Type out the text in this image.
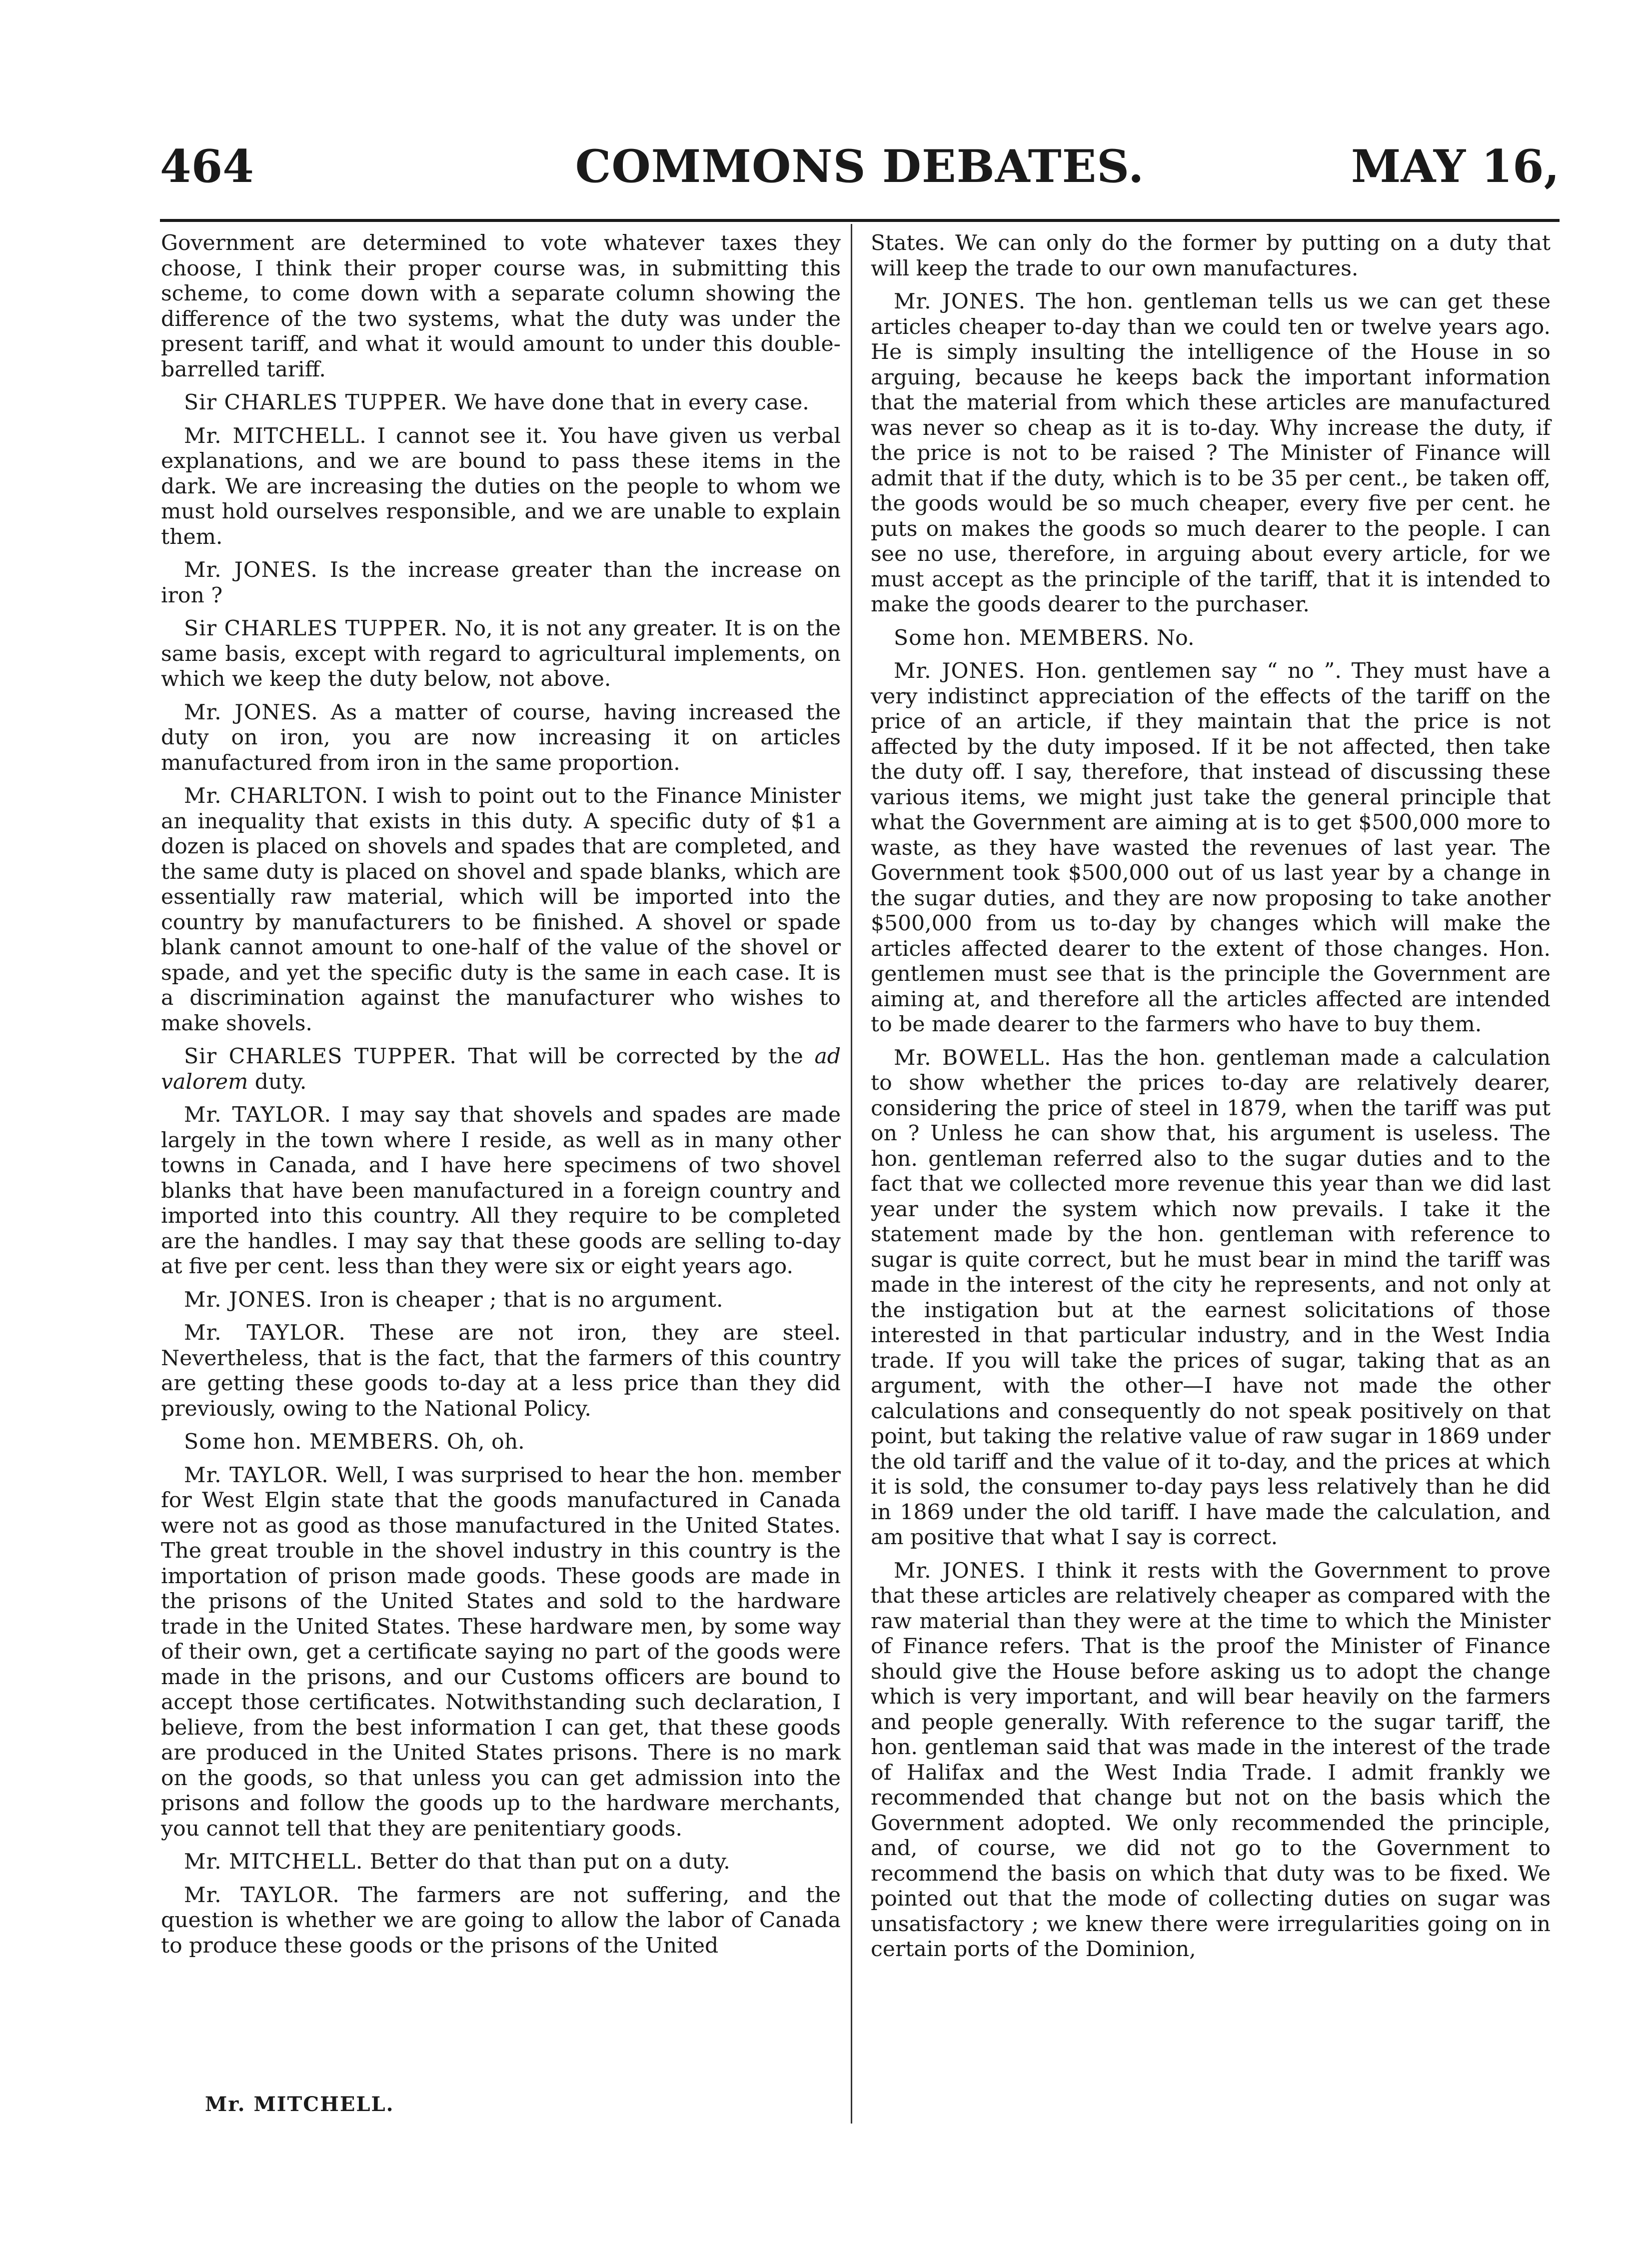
464	COMMONS DEBATES.	MAY 16,

Government are determined to vote whatever taxes they choose, I think their proper course was, in submitting this scheme, to come down with a separate column showing the difference of the two systems, what the duty was under the present tariff, and what it would amount to under this double-barrelled tariff.

Sir CHARLES TUPPER. We have done that in every case.

Mr. MITCHELL. I cannot see it. You have given us verbal explanations, and we are bound to pass these items in the dark. We are increasing the duties on the people to whom we must hold ourselves responsible, and we are unable to explain them.

Mr. JONES. Is the increase greater than the increase on iron ?

Sir CHARLES TUPPER. No, it is not any greater. It is on the same basis, except with regard to agricultural implements, on which we keep the duty below, not above.

Mr. JONES. As a matter of course, having increased the duty on iron, you are now increasing it on articles manufactured from iron in the same proportion.

Mr. CHARLTON. I wish to point out to the Finance Minister an inequality that exists in this duty. A specific duty of $1 a dozen is placed on shovels and spades that are completed, and the same duty is placed on shovel and spade blanks, which are essentially raw material, which will be imported into the country by manufacturers to be finished. A shovel or spade blank cannot amount to one-half of the value of the shovel or spade, and yet the specific duty is the same in each case. It is a discrimination against the manufacturer who wishes to make shovels.

Sir CHARLES TUPPER. That will be corrected by the ad valorem duty.

Mr. TAYLOR. I may say that shovels and spades are made largely in the town where I reside, as well as in many other towns in Canada, and I have here specimens of two shovel blanks that have been manufactured in a foreign country and imported into this country. All they require to be completed are the handles. I may say that these goods are selling to-day at five per cent. less than they were six or eight years ago.

Mr. JONES. Iron is cheaper ; that is no argument.

Mr. TAYLOR. These are not iron, they are steel. Nevertheless, that is the fact, that the farmers of this country are getting these goods to-day at a less price than they did previously, owing to the National Policy.

Some hon. MEMBERS. Oh, oh.

Mr. TAYLOR. Well, I was surprised to hear the hon. member for West Elgin state that the goods manufactured in Canada were not as good as those manufactured in the United States. The great trouble in the shovel industry in this country is the importation of prison made goods. These goods are made in the prisons of the United States and sold to the hardware trade in the United States. These hardware men, by some way of their own, get a certificate saying no part of the goods were made in the prisons, and our Customs officers are bound to accept those certificates. Notwithstanding such declaration, I believe, from the best information I can get, that these goods are produced in the United States prisons. There is no mark on the goods, so that unless you can get admission into the prisons and follow the goods up to the hardware merchants, you cannot tell that they are penitentiary goods.

Mr. MITCHELL. Better do that than put on a duty.

Mr. TAYLOR. The farmers are not suffering, and the question is whether we are going to allow the labor of Canada to produce these goods or the prisons of the United

States. We can only do the former by putting on a duty that will keep the trade to our own manufactures.

Mr. JONES. The hon. gentleman tells us we can get these articles cheaper to-day than we could ten or twelve years ago. He is simply insulting the intelligence of the House in so arguing, because he keeps back the important information that the material from which these articles are manufactured was never so cheap as it is to-day. Why increase the duty, if the price is not to be raised ? The Minister of Finance will admit that if the duty, which is to be 35 per cent., be taken off, the goods would be so much cheaper, every five per cent. he puts on makes the goods so much dearer to the people. I can see no use, therefore, in arguing about every article, for we must accept as the principle of the tariff, that it is intended to make the goods dearer to the purchaser.

Some hon. MEMBERS. No.

Mr. JONES. Hon. gentlemen say “ no ”. They must have a very indistinct appreciation of the effects of the tariff on the price of an article, if they maintain that the price is not affected by the duty imposed. If it be not affected, then take the duty off. I say, therefore, that instead of discussing these various items, we might just take the general principle that what the Government are aiming at is to get $500,000 more to waste, as they have wasted the revenues of last year. The Government took $500,000 out of us last year by a change in the sugar duties, and they are now proposing to take another $500,000 from us to-day by changes which will make the articles affected dearer to the extent of those changes. Hon. gentlemen must see that is the principle the Government are aiming at, and therefore all the articles affected are intended to be made dearer to the farmers who have to buy them.

Mr. BOWELL. Has the hon. gentleman made a calculation to show whether the prices to-day are relatively dearer, considering the price of steel in 1879, when the tariff was put on ? Unless he can show that, his argument is useless. The hon. gentleman referred also to the sugar duties and to the fact that we collected more revenue this year than we did last year under the system which now prevails. I take it the statement made by the hon. gentleman with reference to sugar is quite correct, but he must bear in mind the tariff was made in the interest of the city he represents, and not only at the instigation but at the earnest solicitations of those interested in that particular industry, and in the West India trade. If you will take the prices of sugar, taking that as an argument, with the other—I have not made the other calculations and consequently do not speak positively on that point, but taking the relative value of raw sugar in 1869 under the old tariff and the value of it to-day, and the prices at which it is sold, the consumer to-day pays less relatively than he did in 1869 under the old tariff. I have made the calculation, and am positive that what I say is correct.

Mr. JONES. I think it rests with the Government to prove that these articles are relatively cheaper as compared with the raw material than they were at the time to which the Minister of Finance refers. That is the proof the Minister of Finance should give the House before asking us to adopt the change which is very important, and will bear heavily on the farmers and people generally. With reference to the sugar tariff, the hon. gentleman said that was made in the interest of the trade of Halifax and the West India Trade. I admit frankly we recommended that change but not on the basis which the Government adopted. We only recommended the principle, and, of course, we did not go to the Government to recommend the basis on which that duty was to be fixed. We pointed out that the mode of collecting duties on sugar was unsatisfactory ; we knew there were irregularities going on in certain ports of the Dominion,

Mr. MITCHELL.
